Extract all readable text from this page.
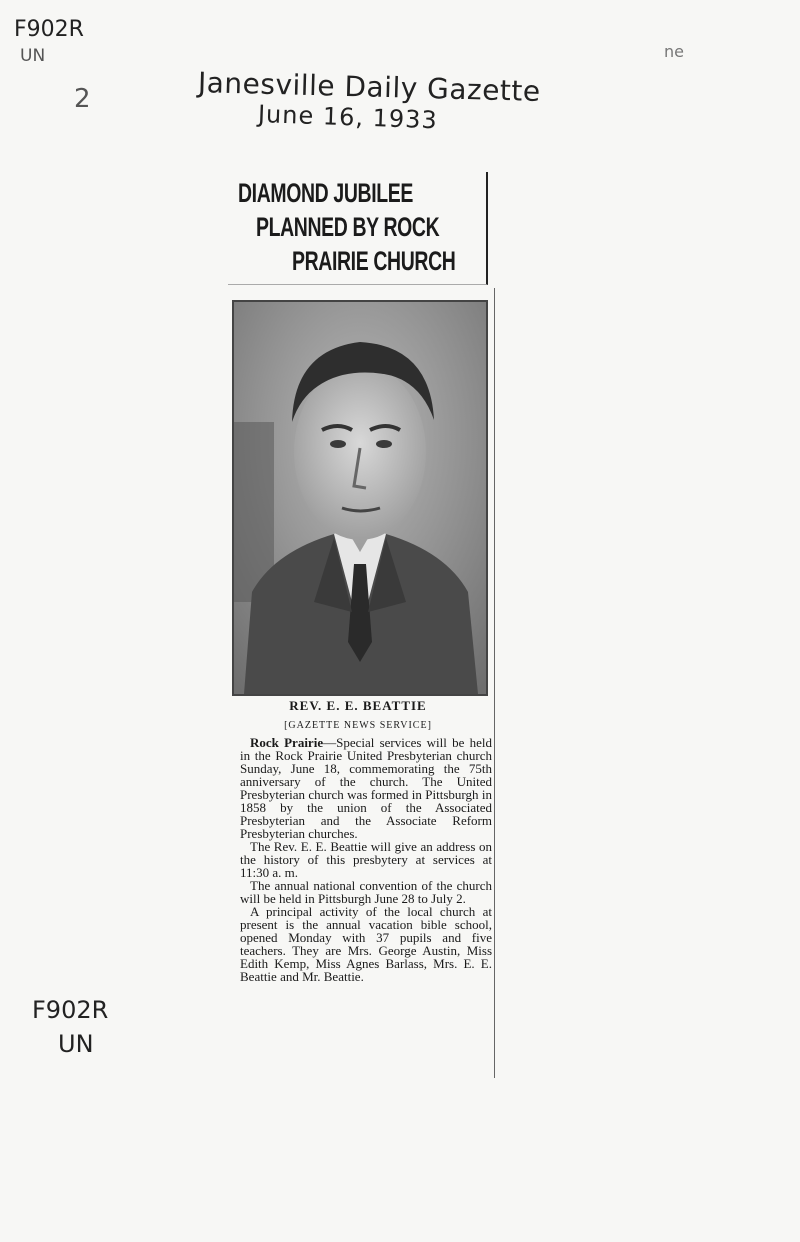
F902R
UN
2
ne
Janesville Daily Gazette
June 16, 1933
F902R
UN
DIAMOND JUBILEE
PLANNED BY ROCK
PRAIRIE CHURCH
REV. E. E. BEATTIE
[GAZETTE NEWS SERVICE]

Rock Prairie—Special services will be held in the Rock Prairie United Presbyterian church Sunday, June 18, commemorating the 75th anniversary of the church. The United Presbyterian church was formed in Pittsburgh in 1858 by the union of the Associated Presbyterian and the Associate Reform Presbyterian churches.

The Rev. E. E. Beattie will give an address on the history of this presbytery at services at 11:30 a. m.

The annual national convention of the church will be held in Pittsburgh June 28 to July 2.

A principal activity of the local church at present is the annual vacation bible school, opened Monday with 37 pupils and five teachers. They are Mrs. George Austin, Miss Edith Kemp, Miss Agnes Barlass, Mrs. E. E. Beattie and Mr. Beattie.
